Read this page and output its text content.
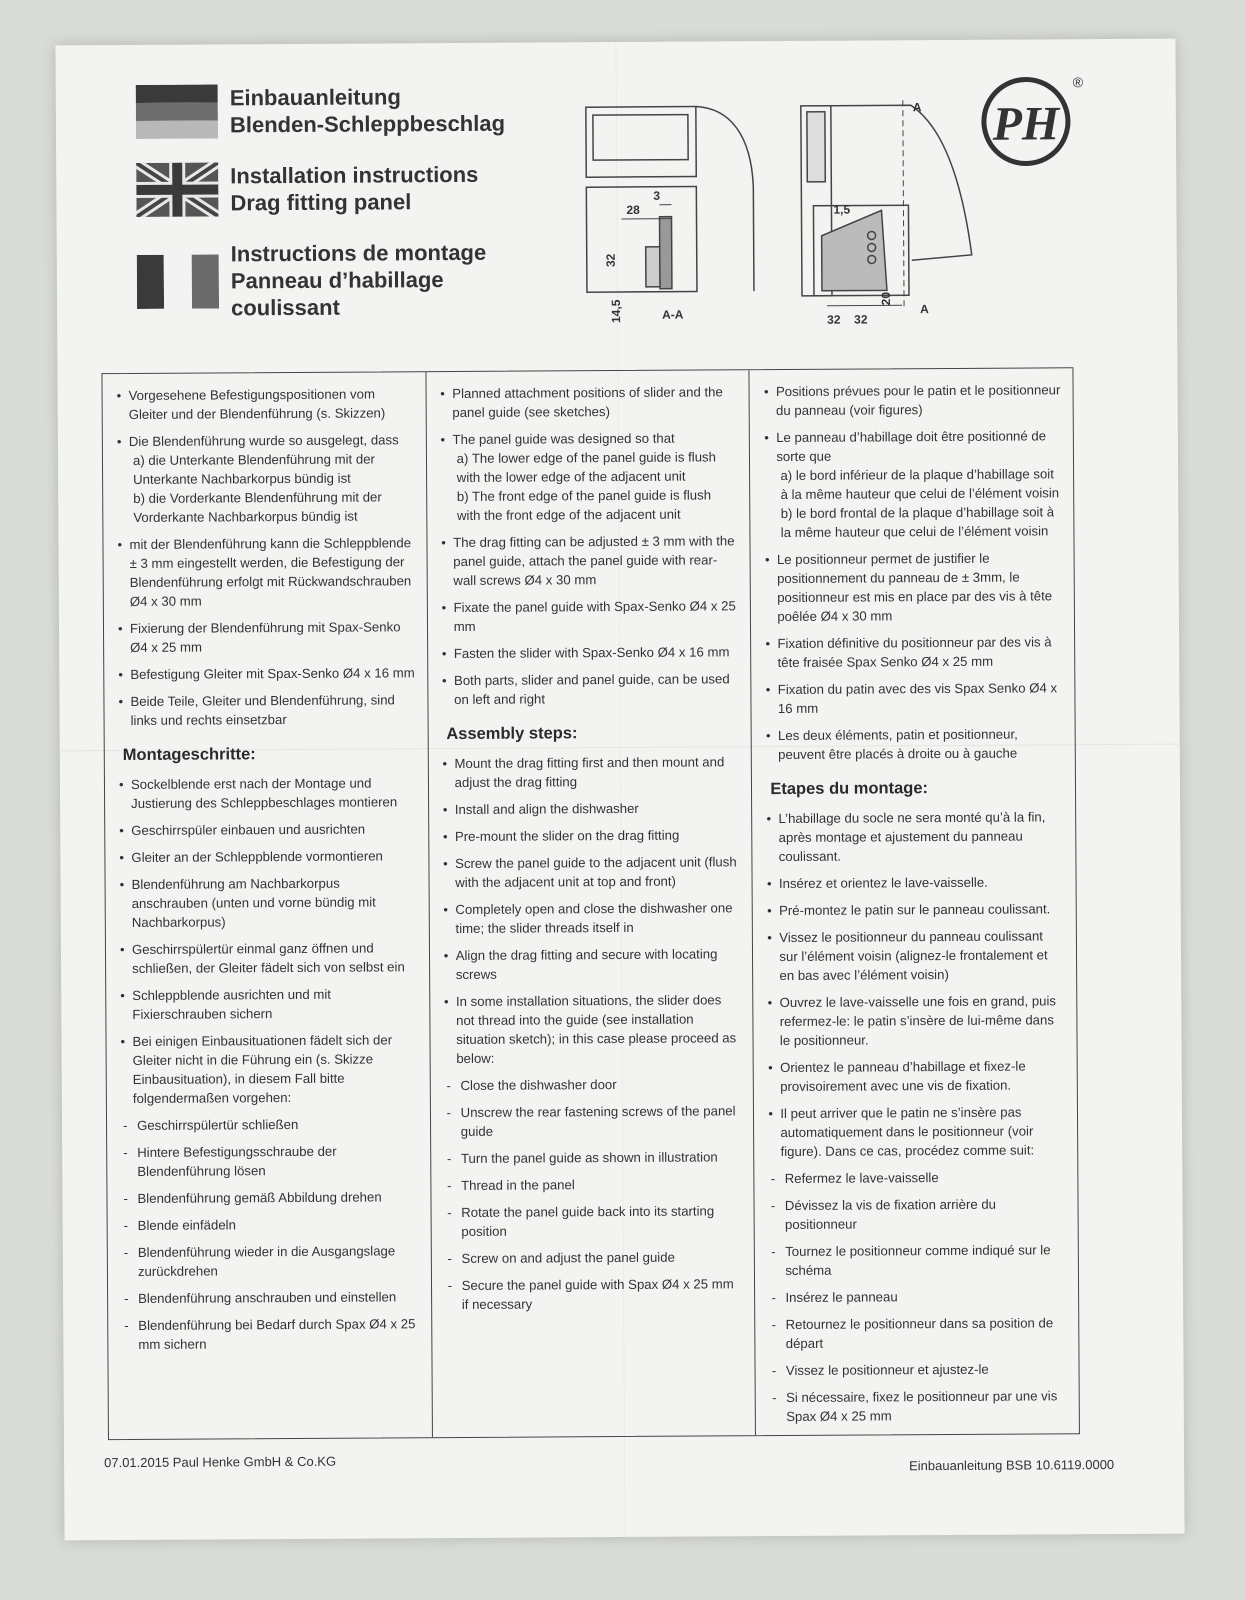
Einbauanleitung
Blenden-Schleppbeschlag
Installation instructions
Drag fitting panel
Instructions de montage
Panneau d’habillage coulissant
28
3
32
14,5	A-A
1,5
20
32 32
A
A
PH
®
• Vorgesehene Befestigungspositionen vom Gleiter und der Blendenführung (s. Skizzen)
• Die Blendenführung wurde so ausgelegt, dass
a) die Unterkante Blendenführung mit der Unterkante Nachbarkorpus bündig ist
b) die Vorderkante Blendenführung mit der Vorderkante Nachbarkorpus bündig ist
• mit der Blendenführung kann die Schleppblende ± 3 mm eingestellt werden, die Befestigung der Blendenführung erfolgt mit Rückwandschrauben Ø4 x 30 mm
• Fixierung der Blendenführung mit Spax-Senko Ø4 x 25 mm
• Befestigung Gleiter mit Spax-Senko Ø4 x 16 mm
• Beide Teile, Gleiter und Blendenführung, sind links und rechts einsetzbar
Montageschritte:
• Sockelblende erst nach der Montage und Justierung des Schleppbeschlages montieren
• Geschirrspüler einbauen und ausrichten
• Gleiter an der Schleppblende vormontieren
• Blendenführung am Nachbarkorpus anschrauben (unten und vorne bündig mit Nachbarkorpus)
• Geschirrspülertür einmal ganz öffnen und schließen, der Gleiter fädelt sich von selbst ein
• Schleppblende ausrichten und mit Fixierschrauben sichern
• Bei einigen Einbausituationen fädelt sich der Gleiter nicht in die Führung ein (s. Skizze Einbausituation), in diesem Fall bitte folgendermaßen vorgehen:
- Geschirrspülertür schließen
- Hintere Befestigungsschraube der Blendenführung lösen
- Blendenführung gemäß Abbildung drehen
- Blende einfädeln
- Blendenführung wieder in die Ausgangslage zurückdrehen
- Blendenführung anschrauben und einstellen
- Blendenführung bei Bedarf durch Spax Ø4 x 25 mm sichern
• Planned attachment positions of slider and the panel guide (see sketches)
• The panel guide was designed so that
a) The lower edge of the panel guide is flush with the lower edge of the adjacent unit
b) The front edge of the panel guide is flush with the front edge of the adjacent unit
• The drag fitting can be adjusted ± 3 mm with the panel guide, attach the panel guide with rear-wall screws Ø4 x 30 mm
• Fixate the panel guide with Spax-Senko Ø4 x 25 mm
• Fasten the slider with Spax-Senko Ø4 x 16 mm
• Both parts, slider and panel guide, can be used on left and right
Assembly steps:
• Mount the drag fitting first and then mount and adjust the drag fitting
• Install and align the dishwasher
• Pre-mount the slider on the drag fitting
• Screw the panel guide to the adjacent unit (flush with the adjacent unit at top and front)
• Completely open and close the dishwasher one time; the slider threads itself in
• Align the drag fitting and secure with locating screws
• In some installation situations, the slider does not thread into the guide (see installation situation sketch); in this case please proceed as below:
- Close the dishwasher door
- Unscrew the rear fastening screws of the panel guide
- Turn the panel guide as shown in illustration
- Thread in the panel
- Rotate the panel guide back into its starting position
- Screw on and adjust the panel guide
- Secure the panel guide with Spax Ø4 x 25 mm if necessary
• Positions prévues pour le patin et le positionneur du panneau (voir figures)
• Le panneau d’habillage doit être positionné de sorte que
a) le bord inférieur de la plaque d’habillage soit à la même hauteur que celui de l’élément voisin
b) le bord frontal de la plaque d’habillage soit à la même hauteur que celui de l’élément voisin
• Le positionneur permet de justifier le positionnement du panneau de ± 3mm, le positionneur est mis en place par des vis à tête poêlée Ø4 x 30 mm
• Fixation définitive du positionneur par des vis à tête fraisée Spax Senko Ø4 x 25 mm
• Fixation du patin avec des vis Spax Senko Ø4 x 16 mm
• Les deux éléments, patin et positionneur, peuvent être placés à droite ou à gauche
Etapes du montage:
• L’habillage du socle ne sera monté qu’à la fin, après montage et ajustement du panneau coulissant.
• Insérez et orientez le lave-vaisselle.
• Pré-montez le patin sur le panneau coulissant.
• Vissez le positionneur du panneau coulissant sur l’élément voisin (alignez-le frontalement et en bas avec l’élément voisin)
• Ouvrez le lave-vaisselle une fois en grand, puis refermez-le: le patin s’insère de lui-même dans le positionneur.
• Orientez le panneau d’habillage et fixez-le provisoirement avec une vis de fixation.
• Il peut arriver que le patin ne s’insère pas automatiquement dans le positionneur (voir figure). Dans ce cas, procédez comme suit:
- Refermez le lave-vaisselle
- Dévissez la vis de fixation arrière du positionneur
- Tournez le positionneur comme indiqué sur le schéma
- Insérez le panneau
- Retournez le positionneur dans sa position de départ
- Vissez le positionneur et ajustez-le
- Si nécessaire, fixez le positionneur par une vis Spax Ø4 x 25 mm
07.01.2015 Paul Henke GmbH & Co.KG	Einbauanleitung BSB 10.6119.0000
